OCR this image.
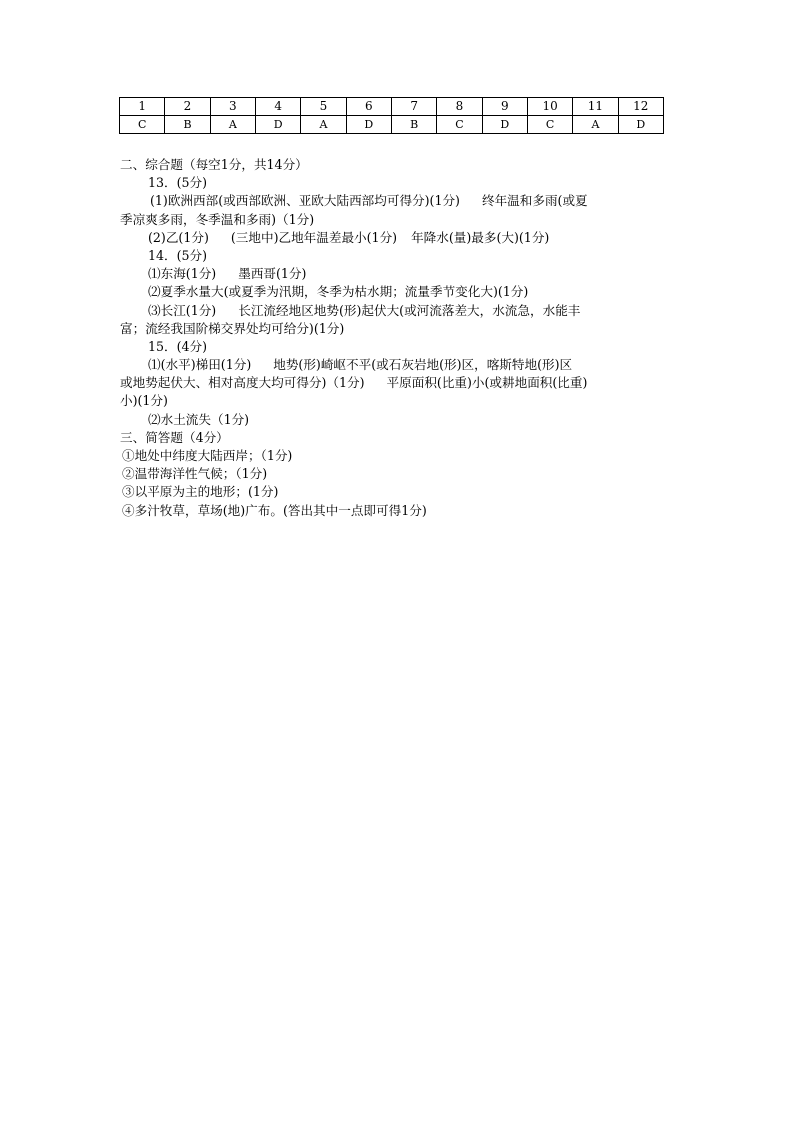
1	2	3	4	5	6	7	8	9	10	11	12
C	B	A	D	A	D	B	C	D	C	A	D
二、综合题（每空1分，共14分）
13．(5分)
(1)欧洲西部(或西部欧洲、亚欧大陆西部均可得分)(1分) 终年温和多雨(或夏
季凉爽多雨，冬季温和多雨)（1分)
(2)乙(1分) (三地中)乙地年温差最小(1分) 年降水(量)最多(大)(1分)
14．(5分)
⑴东海(1分) 墨西哥(1分)
⑵夏季水量大(或夏季为汛期，冬季为枯水期；流量季节变化大)(1分)
⑶长江(1分) 长江流经地区地势(形)起伏大(或河流落差大，水流急，水能丰
富；流经我国阶梯交界处均可给分)(1分)
15．(4分)
⑴(水平)梯田(1分) 地势(形)崎岖不平(或石灰岩地(形)区，喀斯特地(形)区
或地势起伏大、相对高度大均可得分)（1分) 平原面积(比重)小(或耕地面积(比重)
小)(1分)
⑵水土流失（1分)
三、简答题（4分）
①地处中纬度大陆西岸；（1分)
②温带海洋性气候；（1分)
③以平原为主的地形；(1分)
④多汁牧草，草场(地)广布。(答出其中一点即可得1分)
